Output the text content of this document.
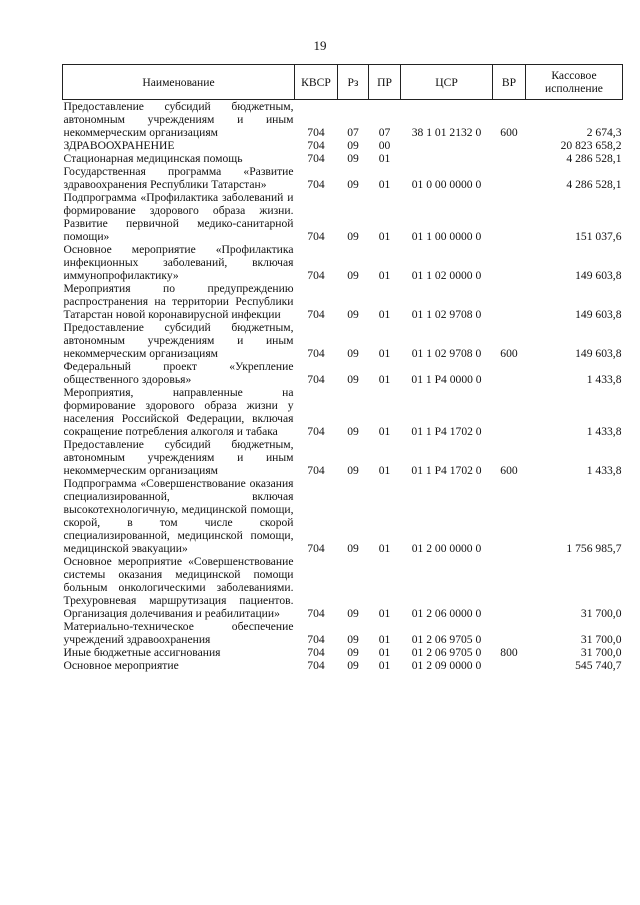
19
Наименование	КВСР	Рз	ПР	ЦСР	ВР	Кассовое исполнение
Предоставление субсидий бюджетным, автономным учреждениям и иным некоммерческим организациям	704	07	07	38 1 01 2132 0	600	2 674,3
ЗДРАВООХРАНЕНИЕ	704	09	00			20 823 658,2
Стационарная медицинская помощь	704	09	01			4 286 528,1
Государственная программа «Развитие здравоохранения Республики Татарстан»	704	09	01	01 0 00 0000 0		4 286 528,1
Подпрограмма «Профилактика заболеваний и формирование здорового образа жизни. Развитие первичной медико-санитарной помощи»	704	09	01	01 1 00 0000 0		151 037,6
Основное мероприятие «Профилактика инфекционных заболеваний, включая иммунопрофилактику»	704	09	01	01 1 02 0000 0		149 603,8
Мероприятия по предупреждению распространения на территории Республики Татарстан новой коронавирусной инфекции	704	09	01	01 1 02 9708 0		149 603,8
Предоставление субсидий бюджетным, автономным учреждениям и иным некоммерческим организациям	704	09	01	01 1 02 9708 0	600	149 603,8
Федеральный проект «Укрепление общественного здоровья»	704	09	01	01 1 P4 0000 0		1 433,8
Мероприятия, направленные на формирование здорового образа жизни у населения Российской Федерации, включая сокращение потребления алкоголя и табака	704	09	01	01 1 P4 1702 0		1 433,8
Предоставление субсидий бюджетным, автономным учреждениям и иным некоммерческим организациям	704	09	01	01 1 P4 1702 0	600	1 433,8
Подпрограмма «Совершенствование оказания специализированной, включая высокотехнологичную, медицинской помощи, скорой, в том числе скорой специализированной, медицинской помощи, медицинской эвакуации»	704	09	01	01 2 00 0000 0		1 756 985,7
Основное мероприятие «Совершенствование системы оказания медицинской помощи больным онкологическими заболеваниями. Трехуровневая маршрутизация пациентов. Организация долечивания и реабилитации»	704	09	01	01 2 06 0000 0		31 700,0
Материально-техническое обеспечение учреждений здравоохранения	704	09	01	01 2 06 9705 0		31 700,0
Иные бюджетные ассигнования	704	09	01	01 2 06 9705 0	800	31 700,0
Основное мероприятие	704	09	01	01 2 09 0000 0		545 740,7
